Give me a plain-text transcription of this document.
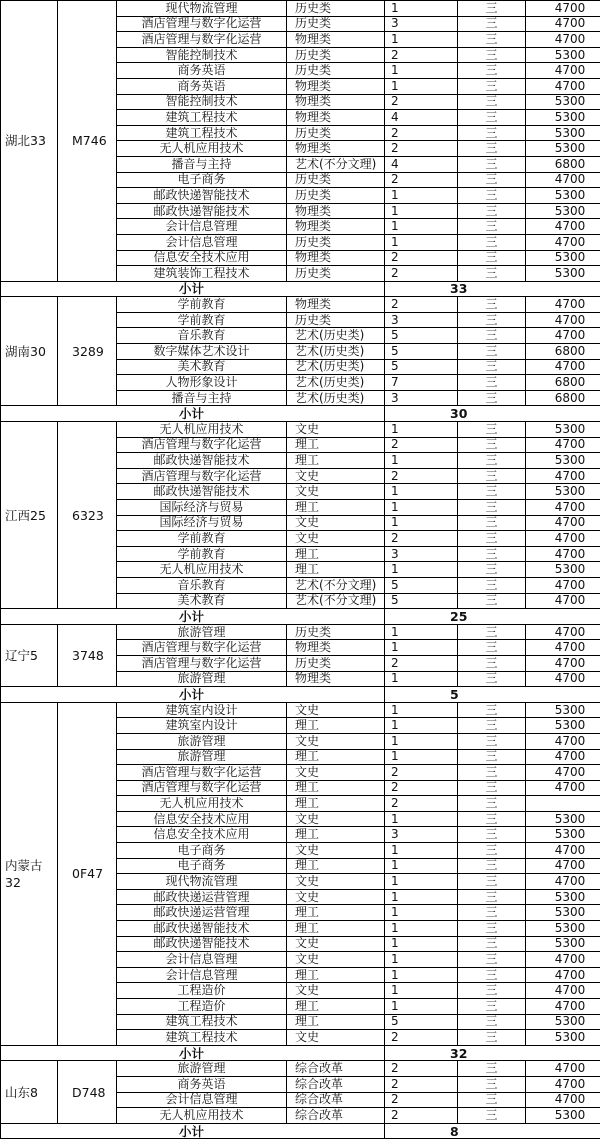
湖北33	M746	现代物流管理	历史类	1	三	4700
		酒店管理与数字化运营	历史类	3	三	4700
		酒店管理与数字化运营	物理类	1	三	4700
		智能控制技术	历史类	2	三	5300
		商务英语	历史类	1	三	4700
		商务英语	物理类	1	三	4700
		智能控制技术	物理类	2	三	5300
		建筑工程技术	物理类	4	三	5300
		建筑工程技术	历史类	2	三	5300
		无人机应用技术	物理类	2	三	5300
		播音与主持	艺术(不分文理)	4	三	6800
		电子商务	历史类	2	三	4700
		邮政快递智能技术	历史类	1	三	5300
		邮政快递智能技术	物理类	1	三	5300
		会计信息管理	物理类	1	三	4700
		会计信息管理	历史类	1	三	4700
		信息安全技术应用	物理类	2	三	5300
		建筑装饰工程技术	历史类	2	三	5300
小计				33		
湖南30	3289	学前教育	物理类	2	三	4700
		学前教育	历史类	3	三	4700
		音乐教育	艺术(历史类)	5	三	4700
		数字媒体艺术设计	艺术(历史类)	5	三	6800
		美术教育	艺术(历史类)	5	三	4700
		人物形象设计	艺术(历史类)	7	三	6800
		播音与主持	艺术(历史类)	3	三	6800
小计				30		
江西25	6323	无人机应用技术	文史	1	三	5300
		酒店管理与数字化运营	理工	2	三	4700
		邮政快递智能技术	理工	1	三	5300
		酒店管理与数字化运营	文史	2	三	4700
		邮政快递智能技术	文史	1	三	5300
		国际经济与贸易	理工	1	三	4700
		国际经济与贸易	文史	1	三	4700
		学前教育	文史	2	三	4700
		学前教育	理工	3	三	4700
		无人机应用技术	理工	1	三	5300
		音乐教育	艺术(不分文理)	5	三	4700
		美术教育	艺术(不分文理)	5	三	4700
小计				25		
辽宁5	3748	旅游管理	历史类	1	三	4700
		酒店管理与数字化运营	物理类	1	三	4700
		酒店管理与数字化运营	历史类	2	三	4700
		旅游管理	物理类	1	三	4700
小计				5		
内蒙古32	0F47	建筑室内设计	文史	1	三	5300
		建筑室内设计	理工	1	三	5300
		旅游管理	文史	1	三	4700
		旅游管理	理工	1	三	4700
		酒店管理与数字化运营	文史	2	三	4700
		酒店管理与数字化运营	理工	2	三	4700
		无人机应用技术	理工	2	三	
		信息安全技术应用	文史	1	三	5300
		信息安全技术应用	理工	3	三	5300
		电子商务	文史	1	三	4700
		电子商务	理工	1	三	4700
		现代物流管理	文史	1	三	4700
		邮政快递运营管理	文史	1	三	5300
		邮政快递运营管理	理工	1	三	5300
		邮政快递智能技术	理工	1	三	5300
		邮政快递智能技术	文史	1	三	5300
		会计信息管理	文史	1	三	4700
		会计信息管理	理工	1	三	4700
		工程造价	文史	1	三	4700
		工程造价	理工	1	三	4700
		建筑工程技术	理工	5	三	5300
		建筑工程技术	文史	2	三	5300
小计				32		
山东8	D748	旅游管理	综合改革	2	三	4700
		商务英语	综合改革	2	三	4700
		会计信息管理	综合改革	2	三	4700
		无人机应用技术	综合改革	2	三	5300
小计				8		
